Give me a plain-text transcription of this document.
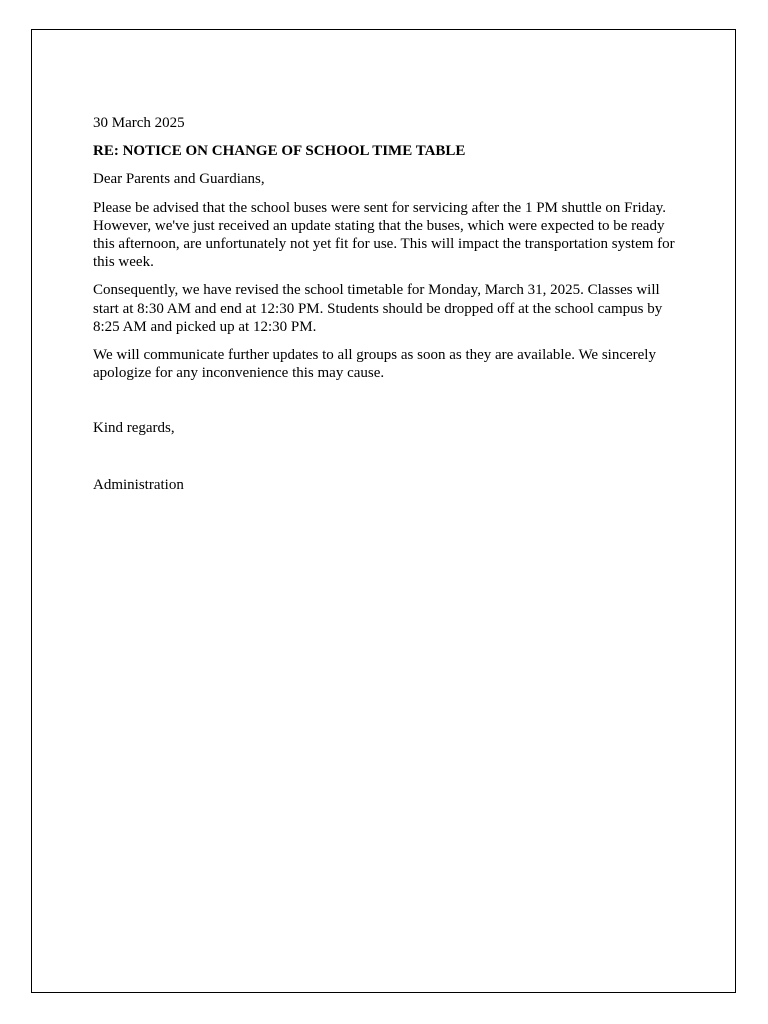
30 March 2025

RE: NOTICE ON CHANGE OF SCHOOL TIME TABLE

Dear Parents and Guardians,

Please be advised that the school buses were sent for servicing after the 1 PM shuttle on Friday. However, we've just received an update stating that the buses, which were expected to be ready this afternoon, are unfortunately not yet fit for use. This will impact the transportation system for this week.

Consequently, we have revised the school timetable for Monday, March 31, 2025. Classes will start at 8:30 AM and end at 12:30 PM. Students should be dropped off at the school campus by 8:25 AM and picked up at 12:30 PM.

We will communicate further updates to all groups as soon as they are available. We sincerely apologize for any inconvenience this may cause.

Kind regards,

Administration
